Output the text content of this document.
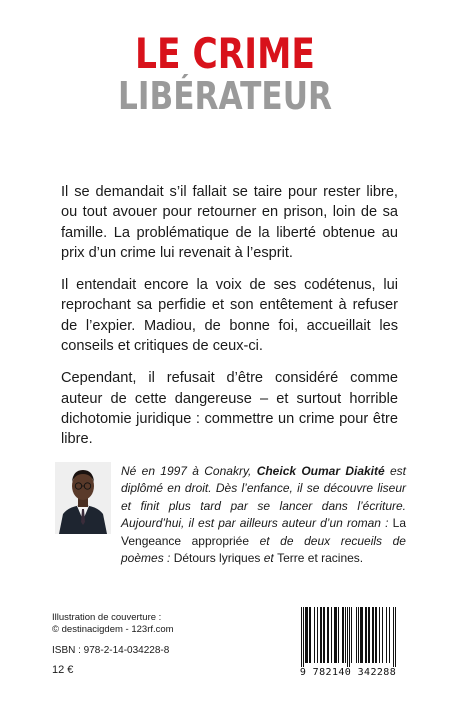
LE CRIME
LIBÉRATEUR

Il se demandait s’il fallait se taire pour rester libre, ou tout avouer pour retourner en prison, loin de sa famille. La problématique de la liberté obtenue au prix d’un crime lui revenait à l’esprit.

Il entendait encore la voix de ses codétenus, lui reprochant sa perfidie et son entêtement à refuser de l’expier. Madiou, de bonne foi, accueillait les conseils et critiques de ceux-ci.

Cependant, il refusait d’être considéré comme auteur de cette dangereuse – et surtout horrible dichotomie juridique : commettre un crime pour être libre.

Né en 1997 à Conakry, Cheick Oumar Diakité est diplômé en droit. Dès l’enfance, il se découvre liseur et finit plus tard par se lancer dans l’écriture. Aujourd’hui, il est par ailleurs auteur d’un roman : La Vengeance appropriée et de deux recueils de poèmes : Détours lyriques et Terre et racines.
Illustration de couverture :
© destinacigdem - 123rf.com
ISBN : 978-2-14-034228-8
12 €	9 782140 342288
